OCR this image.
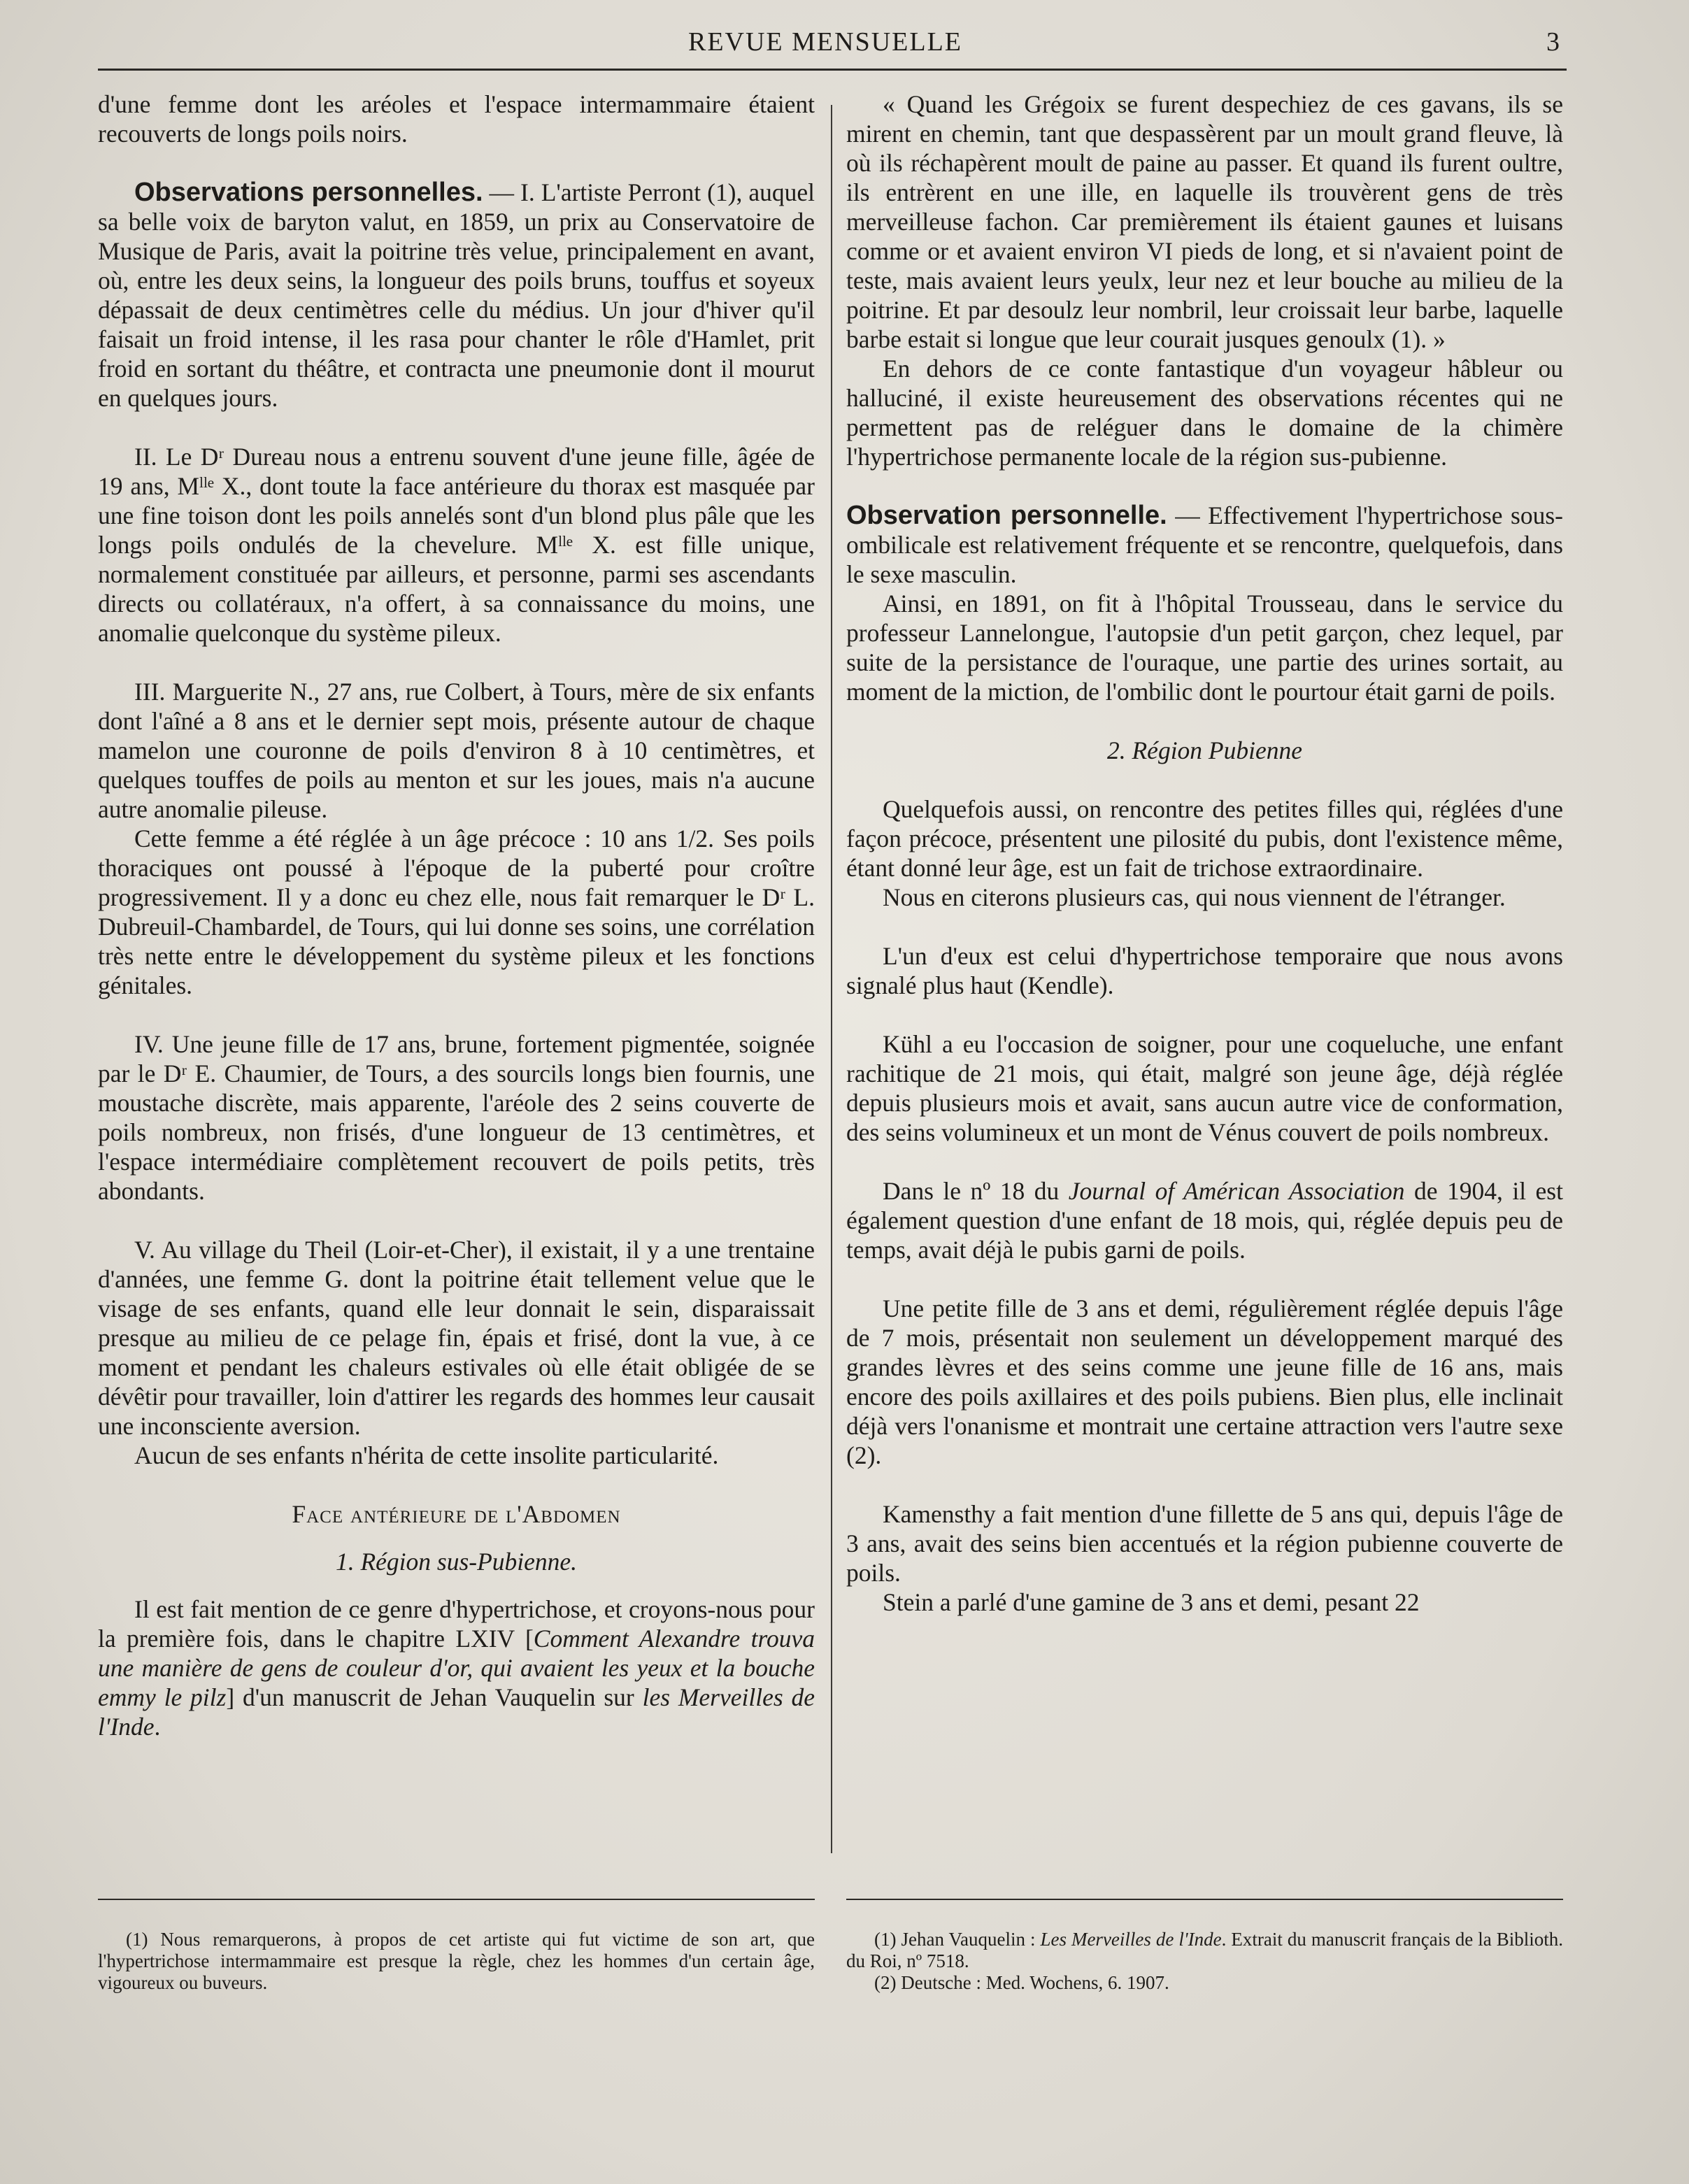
REVUE MENSUELLE	3

d'une femme dont les aréoles et l'espace intermammaire étaient recouverts de longs poils noirs.

Observations personnelles. — I. L'artiste Perront (1), auquel sa belle voix de baryton valut, en 1859, un prix au Conservatoire de Musique de Paris, avait la poitrine très velue, principalement en avant, où, entre les deux seins, la longueur des poils bruns, touffus et soyeux dépassait de deux centimètres celle du médius. Un jour d'hiver qu'il faisait un froid intense, il les rasa pour chanter le rôle d'Hamlet, prit froid en sortant du théâtre, et contracta une pneumonie dont il mourut en quelques jours.

II. Le Dʳ Dureau nous a entrenu souvent d'une jeune fille, âgée de 19 ans, Mˡˡᵉ X., dont toute la face antérieure du thorax est masquée par une fine toison dont les poils annelés sont d'un blond plus pâle que les longs poils ondulés de la chevelure. Mˡˡᵉ X. est fille unique, normalement constituée par ailleurs, et personne, parmi ses ascendants directs ou collatéraux, n'a offert, à sa connaissance du moins, une anomalie quelconque du système pileux.

III. Marguerite N., 27 ans, rue Colbert, à Tours, mère de six enfants dont l'aîné a 8 ans et le dernier sept mois, présente autour de chaque mamelon une couronne de poils d'environ 8 à 10 centimètres, et quelques touffes de poils au menton et sur les joues, mais n'a aucune autre anomalie pileuse.

Cette femme a été réglée à un âge précoce : 10 ans 1/2. Ses poils thoraciques ont poussé à l'époque de la puberté pour croître progressivement. Il y a donc eu chez elle, nous fait remarquer le Dʳ L. Dubreuil-Chambardel, de Tours, qui lui donne ses soins, une corrélation très nette entre le développement du système pileux et les fonctions génitales.

IV. Une jeune fille de 17 ans, brune, fortement pigmentée, soignée par le Dʳ E. Chaumier, de Tours, a des sourcils longs bien fournis, une moustache discrète, mais apparente, l'aréole des 2 seins couverte de poils nombreux, non frisés, d'une longueur de 13 centimètres, et l'espace intermédiaire complètement recouvert de poils petits, très abondants.

V. Au village du Theil (Loir-et-Cher), il existait, il y a une trentaine d'années, une femme G. dont la poitrine était tellement velue que le visage de ses enfants, quand elle leur donnait le sein, disparaissait presque au milieu de ce pelage fin, épais et frisé, dont la vue, à ce moment et pendant les chaleurs estivales où elle était obligée de se dévêtir pour travailler, loin d'attirer les regards des hommes leur causait une inconsciente aversion.

Aucun de ses enfants n'hérita de cette insolite particularité.

Face antérieure de l'Abdomen

1. Région sus-Pubienne.

Il est fait mention de ce genre d'hypertrichose, et croyons-nous pour la première fois, dans le chapitre LXIV [Comment Alexandre trouva une manière de gens de couleur d'or, qui avaient les yeux et la bouche emmy le pilz] d'un manuscrit de Jehan Vauquelin sur les Merveilles de l'Inde.

« Quand les Grégoix se furent despechiez de ces gavans, ils se mirent en chemin, tant que despassèrent par un moult grand fleuve, là où ils réchapèrent moult de paine au passer. Et quand ils furent oultre, ils entrèrent en une ille, en laquelle ils trouvèrent gens de très merveilleuse fachon. Car premièrement ils étaient gaunes et luisans comme or et avaient environ VI pieds de long, et si n'avaient point de teste, mais avaient leurs yeulx, leur nez et leur bouche au milieu de la poitrine. Et par desoulz leur nombril, leur croissait leur barbe, laquelle barbe estait si longue que leur courait jusques genoulx (1). »

En dehors de ce conte fantastique d'un voyageur hâbleur ou halluciné, il existe heureusement des observations récentes qui ne permettent pas de reléguer dans le domaine de la chimère l'hypertrichose permanente locale de la région sus-pubienne.

Observation personnelle. — Effectivement l'hypertrichose sous-ombilicale est relativement fréquente et se rencontre, quelquefois, dans le sexe masculin.

Ainsi, en 1891, on fit à l'hôpital Trousseau, dans le service du professeur Lannelongue, l'autopsie d'un petit garçon, chez lequel, par suite de la persistance de l'ouraque, une partie des urines sortait, au moment de la miction, de l'ombilic dont le pourtour était garni de poils.

2. Région Pubienne

Quelquefois aussi, on rencontre des petites filles qui, réglées d'une façon précoce, présentent une pilosité du pubis, dont l'existence même, étant donné leur âge, est un fait de trichose extraordinaire.

Nous en citerons plusieurs cas, qui nous viennent de l'étranger.

L'un d'eux est celui d'hypertrichose temporaire que nous avons signalé plus haut (Kendle).

Kühl a eu l'occasion de soigner, pour une coqueluche, une enfant rachitique de 21 mois, qui était, malgré son jeune âge, déjà réglée depuis plusieurs mois et avait, sans aucun autre vice de conformation, des seins volumineux et un mont de Vénus couvert de poils nombreux.

Dans le nº 18 du Journal of Américan Association de 1904, il est également question d'une enfant de 18 mois, qui, réglée depuis peu de temps, avait déjà le pubis garni de poils.

Une petite fille de 3 ans et demi, régulièrement réglée depuis l'âge de 7 mois, présentait non seulement un développement marqué des grandes lèvres et des seins comme une jeune fille de 16 ans, mais encore des poils axillaires et des poils pubiens. Bien plus, elle inclinait déjà vers l'onanisme et montrait une certaine attraction vers l'autre sexe (2).

Kamensthy a fait mention d'une fillette de 5 ans qui, depuis l'âge de 3 ans, avait des seins bien accentués et la région pubienne couverte de poils.

Stein a parlé d'une gamine de 3 ans et demi, pesant 22

(1) Nous remarquerons, à propos de cet artiste qui fut victime de son art, que l'hypertrichose intermammaire est presque la règle, chez les hommes d'un certain âge, vigoureux ou buveurs.

(1) Jehan Vauquelin : Les Merveilles de l'Inde. Extrait du manuscrit français de la Biblioth. du Roi, nº 7518.

(2) Deutsche : Med. Wochens, 6. 1907.
